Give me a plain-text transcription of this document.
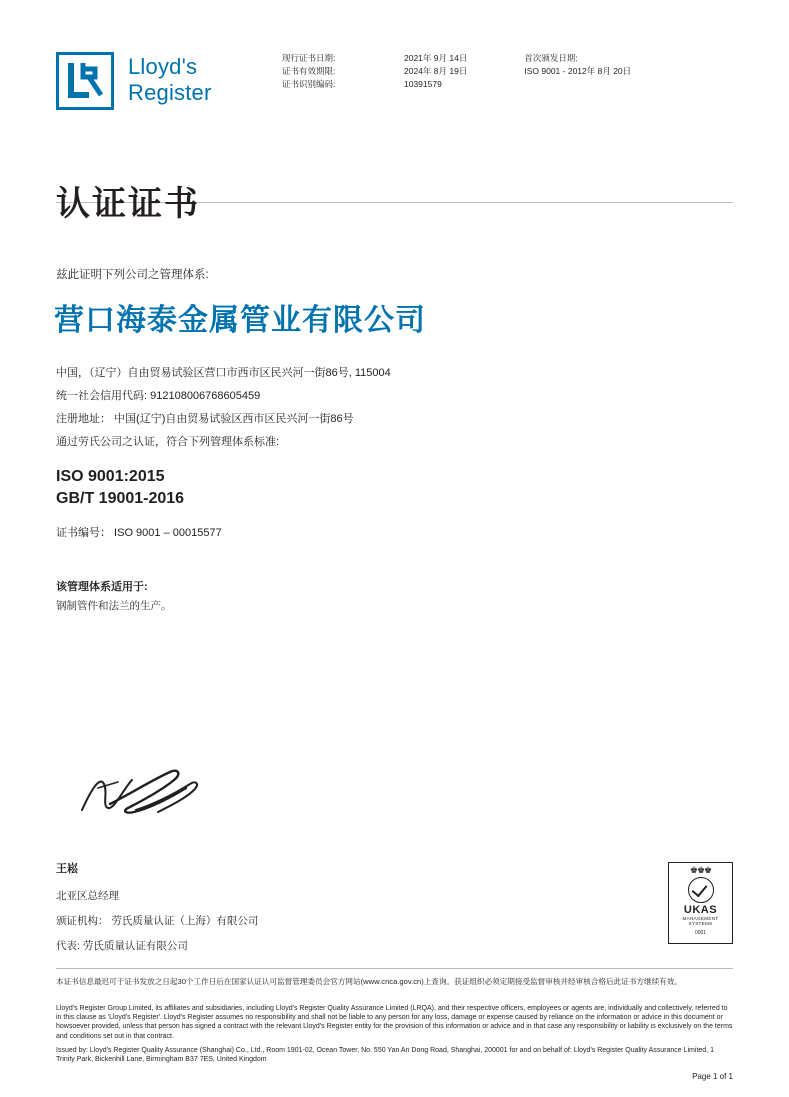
Lloyd's
Register
现行证书日期:	2021年 9月 14日
证书有效期限:	2024年 8月 19日
证书识别编码:	10391579

首次颁发日期:
ISO 9001 - 2012年 8月 20日
认证证书
兹此证明下列公司之管理体系:
营口海泰金属管业有限公司
中国，（辽宁）自由贸易试验区营口市西市区民兴河一街86号, 115004
统一社会信用代码: 912108006768605459
注册地址： 中国(辽宁)自由贸易试验区西市区民兴河一街86号
通过劳氏公司之认证，符合下列管理体系标准:
ISO 9001:2015
GB/T 19001-2016
证书编号： ISO 9001 – 00015577
该管理体系适用于:
钢制管件和法兰的生产。
王崧
北亚区总经理
颁证机构： 劳氏质量认证（上海）有限公司
代表: 劳氏质量认证有限公司
♚♚♚
UKAS
MANAGEMENT
SYSTEMS
0001
本证书信息最迟可于证书发放之日起30个工作日后在国家认证认可监督管理委员会官方网站(www.cnca.gov.cn)上查询。获证组织必须定期接受监督审核并经审核合格后此证书方继续有效。

Lloyd's Register Group Limited, its affiliates and subsidiaries, including Lloyd's Register Quality Assurance Limited (LRQA), and their respective officers, employees or agents are, individually and collectively, referred to in this clause as 'Lloyd's Register'. Lloyd's Register assumes no responsibility and shall not be liable to any person for any loss, damage or expense caused by reliance on the information or advice in this document or howsoever provided, unless that person has signed a contract with the relevant Lloyd's Register entity for the provision of this information or advice and in that case any responsibility or liability is exclusively on the terms and conditions set out in that contract.

Issued by: Lloyd's Register Quality Assurance (Shanghai) Co., Ltd., Room 1901-02, Ocean Tower, No. 550 Yan An Dong Road, Shanghai, 200001 for and on behalf of: Lloyd's Register Quality Assurance Limited, 1 Trinity Park, Bickenhill Lane, Birmingham B37 7ES, United Kingdom

Page 1 of 1
